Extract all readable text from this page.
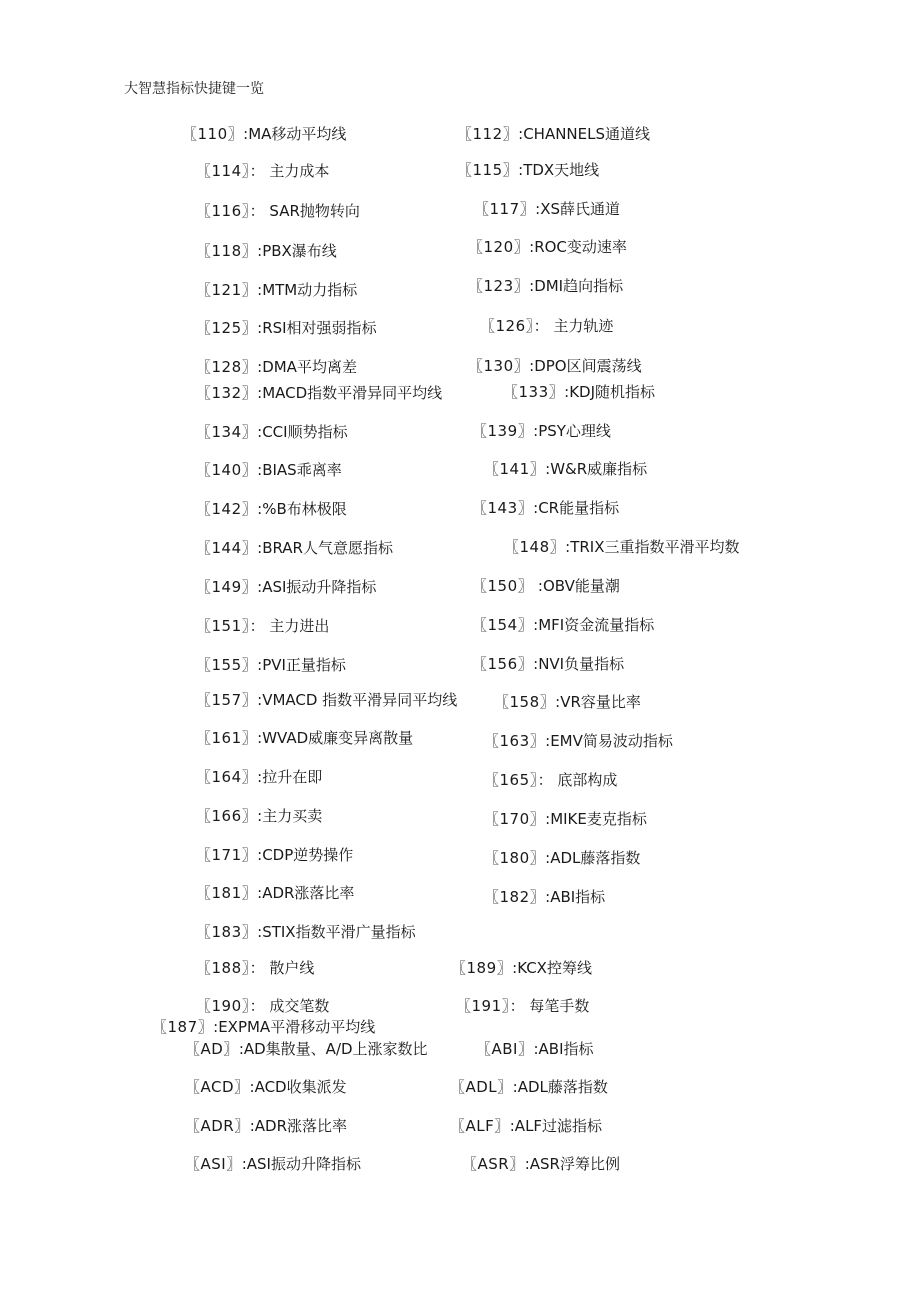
大智慧指标快捷键一览
〖110〗:MA移动平均线	〖112〗:CHANNELS通道线
〖114〗： 主力成本	〖115〗:TDX天地线
〖116〗： SAR抛物转向	〖117〗:XS薛氏通道
〖118〗:PBX瀑布线	〖120〗:ROC变动速率
〖121〗:MTM动力指标	〖123〗:DMI趋向指标
〖125〗:RSI相对强弱指标	〖126〗： 主力轨迹
〖128〗:DMA平均离差	〖130〗:DPO区间震荡线
〖132〗:MACD指数平滑异同平均线	〖133〗:KDJ随机指标
〖134〗:CCI顺势指标	〖139〗:PSY心理线
〖140〗:BIAS乖离率	〖141〗:W&R威廉指标
〖142〗:%B布林极限	〖143〗:CR能量指标
〖144〗:BRAR人气意愿指标	〖148〗:TRIX三重指数平滑平均数
〖149〗:ASI振动升降指标	〖150〗 :OBV能量潮
〖151〗： 主力进出	〖154〗:MFI资金流量指标
〖155〗:PVI正量指标	〖156〗:NVI负量指标
〖157〗:VMACD 指数平滑异同平均线 〖158〗:VR容量比率
〖161〗:WVAD威廉变异离散量	〖163〗:EMV简易波动指标
〖164〗:拉升在即	〖165〗： 底部构成
〖166〗:主力买卖	〖170〗:MIKE麦克指标
〖171〗:CDP逆势操作	〖180〗:ADL藤落指数
〖181〗:ADR涨落比率	〖182〗:ABI指标
〖183〗:STIX指数平滑广量指标
〖188〗： 散户线	〖189〗:KCX控筹线
〖190〗： 成交笔数	〖191〗： 每笔手数
〖187〗:EXPMA平滑移动平均线
〖AD〗:AD集散量、A/D上涨家数比	〖ABI〗:ABI指标
〖ACD〗:ACD收集派发	〖ADL〗:ADL藤落指数
〖ADR〗:ADR涨落比率	〖ALF〗:ALF过滤指标
〖ASI〗:ASI振动升降指标	〖ASR〗:ASR浮筹比例
